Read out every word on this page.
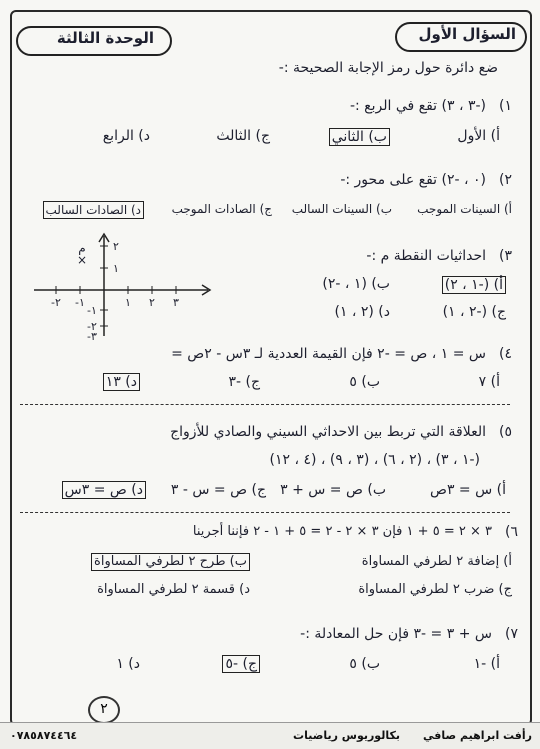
السؤال الأول
الوحدة الثالثة
ضع دائرة حول رمز الإجابة الصحيحة :-
١)
(-٣ ، ٣) تقع في الربع :-
أ) الأول
ب) الثاني
ج) الثالث
د) الرابع
٢)
(٠ ، -٢) تقع على محور :-
أ) السينات الموجب
ب) السينات السالب
ج) الصادات الموجب
د) الصادات السالب
٣)
احداثيات النقطة م :-
أ) (-١ ، ٢)
ب) (١ ، -٢)
ج) (-٢ ، ١)
د) (٢ ، ١)
٣
٢
١
-١
-٢
٢
١
-١
-٢
-٣
م
×
٤)
س = ١ ، ص = -٢ فإن القيمة العددية لـ ٣س - ٢ص =
أ) ٧
ب) ٥
ج) -٣
د) ١٣
٥)
العلاقة التي تربط بين الاحداثي السيني والصادي للأزواج
(-١ ، ٣) ، (٢ ، ٦) ، (٣ ، ٩) ، (٤ ، ١٢)
أ) س = ٣ص
ب) ص = س + ٣
ج) ص = س - ٣
د) ص = ٣س
٦)
٣ × ٢ = ٥ + ١ فإن ٣ × ٢ - ٢ = ٥ + ١ - ٢ فإننا أجرينا
أ) إضافة ٢ لطرفي المساواة
ب) طرح ٢ لطرفي المساواة
ج) ضرب ٢ لطرفي المساواة
د) قسمة ٢ لطرفي المساواة
٧)
س + ٣ = -٣ فإن حل المعادلة :-
أ) -١
ب) ٥
ج) -٥
د) ١
٢
رأفت ابراهيم صافي
بكالوريوس رياضيات
٠٧٨٥٨٧٤٤٦٤
